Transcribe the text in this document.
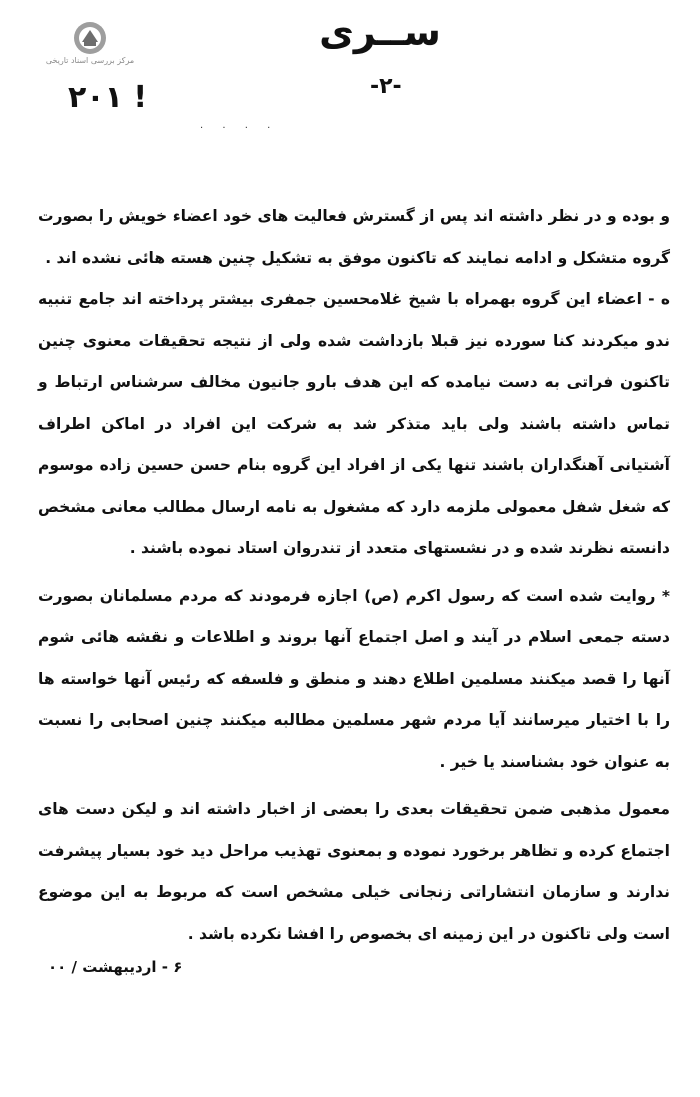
مرکز بررسی اسناد تاریخی
ســرى
۲۰۱ !	-۲-
. . . .

و بوده و در نظر داشته اند پس از گسترش فعالیت های خود اعضاء خویش را بصورت گروه متشکل و ادامه نمایند که تاکنون موفق به تشکیل چنین هسته هائی نشده اند .

ه - اعضاء این گروه بهمراه با شیخ غلامحسین جمفری بیشتر پرداخته اند جامع تنبیه ندو میکردند کنا سورده نیز قبلا بازداشت شده ولی از نتیجه تحقیقات معنوی چنین تاکنون فراتی به دست نیامده که این هدف بارو جانیون مخالف سرشناس ارتباط و تماس داشته باشند ولی باید متذکر شد به شرکت این افراد در اماکن اطراف آشتیانی آهنگداران باشند تنها یکی از افراد این گروه بنام حسن حسین زاده موسوم که شغل شفل معمولی ملزمه دارد که مشغول به نامه ارسال مطالب معانی مشخص دانسته نظرند شده و در نشستهای متعدد از تندروان استاد نموده باشند .

* روایت شده است که رسول اکرم (ص) اجازه فرمودند که مردم مسلمانان بصورت دسته جمعی اسلام در آیند و اصل اجتماع آنها بروند و اطلاعات و نقشه هائی شوم آنها را قصد میکنند مسلمین اطلاع دهند و منطق و فلسفه که رئیس آنها خواسته ها را با اختیار میرسانند آیا مردم شهر مسلمین مطالبه میکنند چنین اصحابی را نسبت به عنوان خود بشناسند یا خیر .

معمول مذهبی ضمن تحقیقات بعدی را بعضی از اخبار داشته اند و لیکن دست های اجتماع کرده و تظاهر برخورد نموده و بمعنوی تهذیب مراحل دید خود بسیار پیشرفت ندارند و سازمان انتشاراتی زنجانی خیلی مشخص است که مربوط به این موضوع است ولی تاکنون در این زمینه ای بخصوص را افشا نکرده باشد .

۶ - اردیبهشت / ۰۰
